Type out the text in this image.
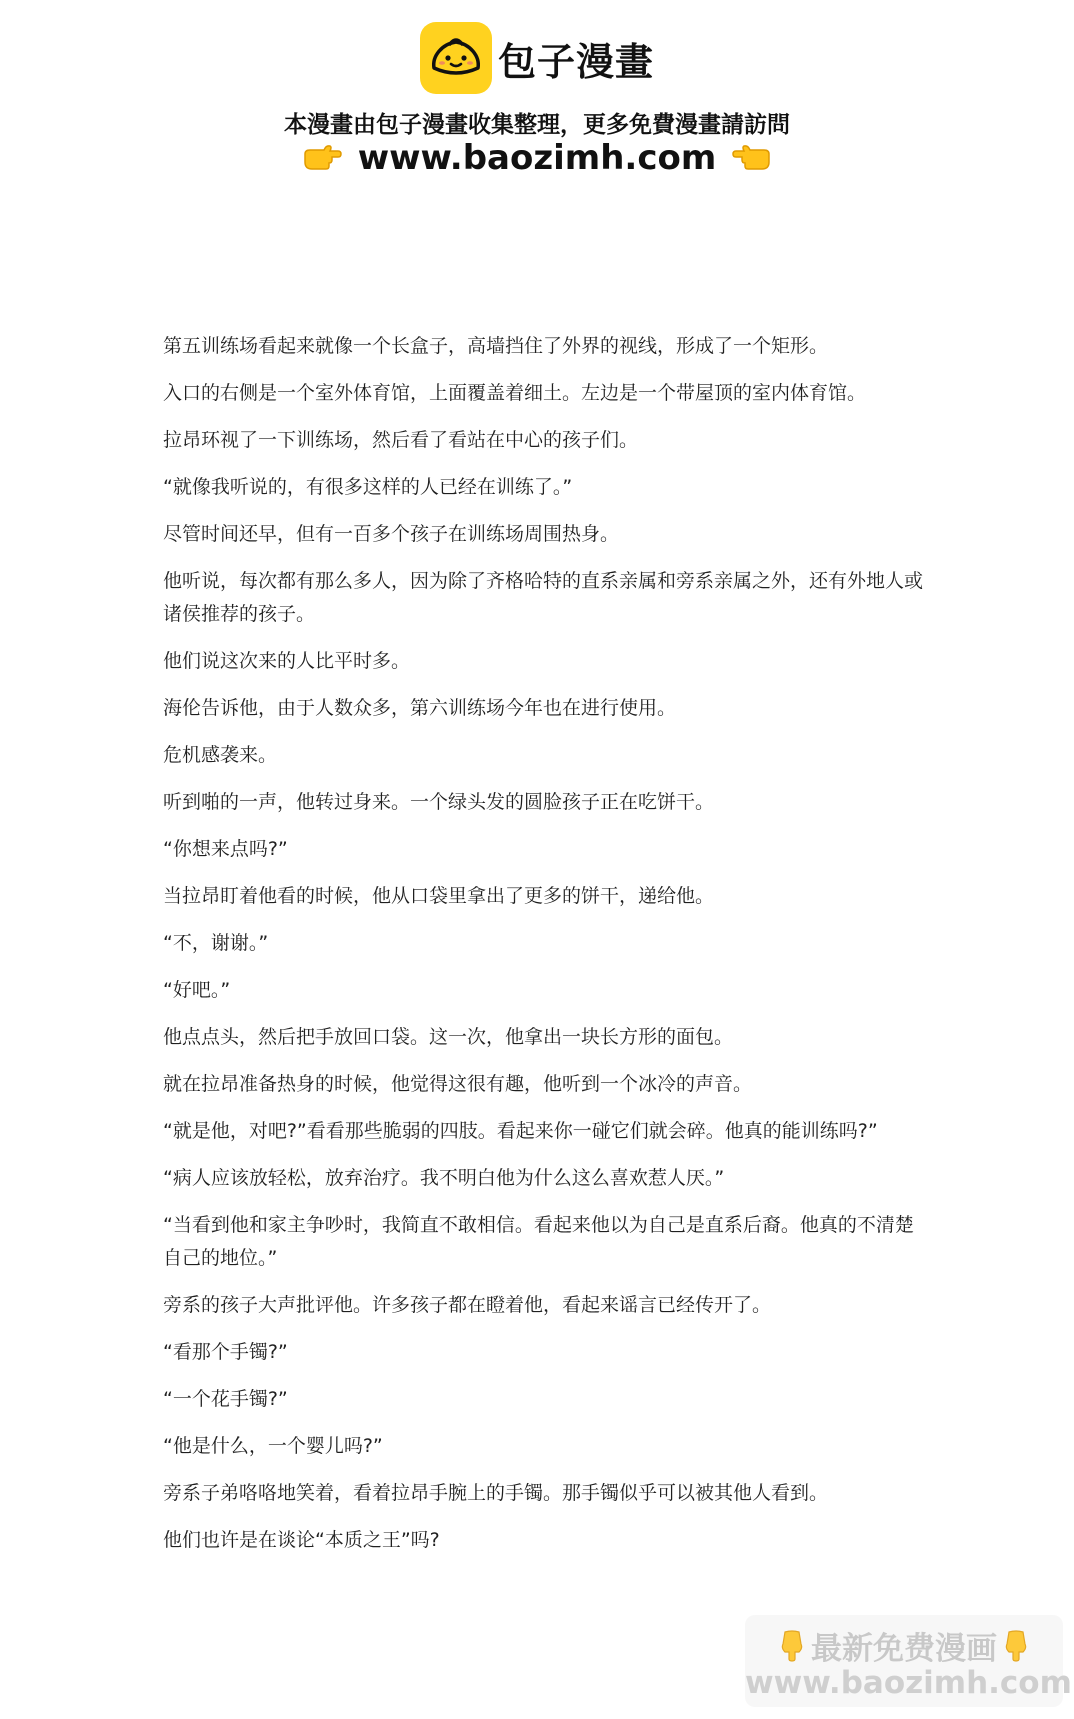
包子漫畫
本漫畫由包子漫畫收集整理，更多免費漫畫請訪問
www.baozimh.com

第五训练场看起来就像一个长盒子，高墙挡住了外界的视线，形成了一个矩形。

入口的右侧是一个室外体育馆，上面覆盖着细土。左边是一个带屋顶的室内体育馆。

拉昂环视了一下训练场，然后看了看站在中心的孩子们。

“就像我听说的，有很多这样的人已经在训练了。”

尽管时间还早，但有一百多个孩子在训练场周围热身。

他听说，每次都有那么多人，因为除了齐格哈特的直系亲属和旁系亲属之外，还有外地人或诸侯推荐的孩子。

他们说这次来的人比平时多。

海伦告诉他，由于人数众多，第六训练场今年也在进行使用。

危机感袭来。

听到啪的一声，他转过身来。一个绿头发的圆脸孩子正在吃饼干。

“你想来点吗?”

当拉昂盯着他看的时候，他从口袋里拿出了更多的饼干，递给他。

“不，谢谢。”

“好吧。”

他点点头，然后把手放回口袋。这一次，他拿出一块长方形的面包。

就在拉昂准备热身的时候，他觉得这很有趣，他听到一个冰冷的声音。

“就是他，对吧?”看看那些脆弱的四肢。看起来你一碰它们就会碎。他真的能训练吗?”

“病人应该放轻松，放弃治疗。我不明白他为什么这么喜欢惹人厌。”

“当看到他和家主争吵时，我简直不敢相信。看起来他以为自己是直系后裔。他真的不清楚自己的地位。”

旁系的孩子大声批评他。许多孩子都在瞪着他，看起来谣言已经传开了。

“看那个手镯?”

“一个花手镯?”

“他是什么，一个婴儿吗?”

旁系子弟咯咯地笑着，看着拉昂手腕上的手镯。那手镯似乎可以被其他人看到。

他们也许是在谈论“本质之王”吗?

最新免费漫画
www.baozimh.com
